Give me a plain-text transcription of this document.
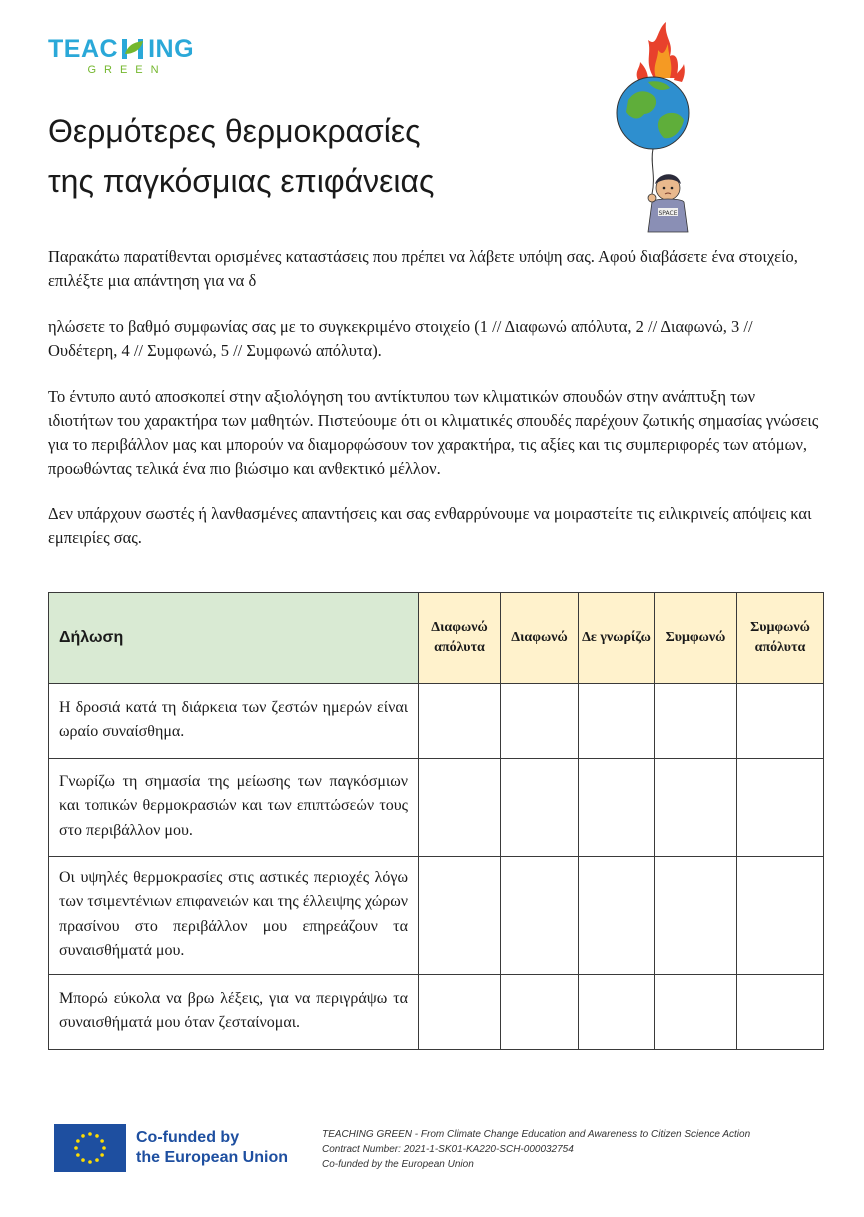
TEAC ING
GREEN
Θερμότερες θερμοκρασίες
της παγκόσμιας επιφάνειας
SPACE

Παρακάτω παρατίθενται ορισμένες καταστάσεις που πρέπει να λάβετε υπόψη σας. Αφού διαβάσετε ένα στοιχείο, επιλέξτε μια απάντηση για να δ

ηλώσετε το βαθμό συμφωνίας σας με το συγκεκριμένο στοιχείο (1 // Διαφωνώ απόλυτα, 2 // Διαφωνώ, 3 // Ουδέτερη, 4 // Συμφωνώ, 5 // Συμφωνώ απόλυτα).

Το έντυπο αυτό αποσκοπεί στην αξιολόγηση του αντίκτυπου των κλιματικών σπουδών στην ανάπτυξη των ιδιοτήτων του χαρακτήρα των μαθητών. Πιστεύουμε ότι οι κλιματικές σπουδές παρέχουν ζωτικής σημασίας γνώσεις για το περιβάλλον μας και μπορούν να διαμορφώσουν τον χαρακτήρα, τις αξίες και τις συμπεριφορές των ατόμων, προωθώντας τελικά ένα πιο βιώσιμο και ανθεκτικό μέλλον.

Δεν υπάρχουν σωστές ή λανθασμένες απαντήσεις και σας ενθαρρύνουμε να μοιραστείτε τις ειλικρινείς απόψεις και εμπειρίες σας.

Δήλωση	Διαφωνώ απόλυτα	Διαφωνώ	Δε γνωρίζω	Συμφωνώ	Συμφωνώ απόλυτα
Η δροσιά κατά τη διάρκεια των ζεστών ημερών είναι ωραίο συναίσθημα.					
Γνωρίζω τη σημασία της μείωσης των παγκόσμιων και τοπικών θερμοκρασιών και των επιπτώσεών τους στο περιβάλλον μου.					
Οι υψηλές θερμοκρασίες στις αστικές περιοχές λόγω των τσιμεντένιων επιφανειών και της έλλειψης χώρων πρασίνου στο περιβάλλον μου επηρεάζουν τα συναισθήματά μου.					
Μπορώ εύκολα να βρω λέξεις, για να περιγράψω τα συναισθήματά μου όταν ζεσταίνομαι.					
Co-funded by
the European Union
TEACHING GREEN - From Climate Change Education and Awareness to Citizen Science Action
Contract Number: 2021-1-SK01-KA220-SCH-000032754
Co-funded by the European Union
